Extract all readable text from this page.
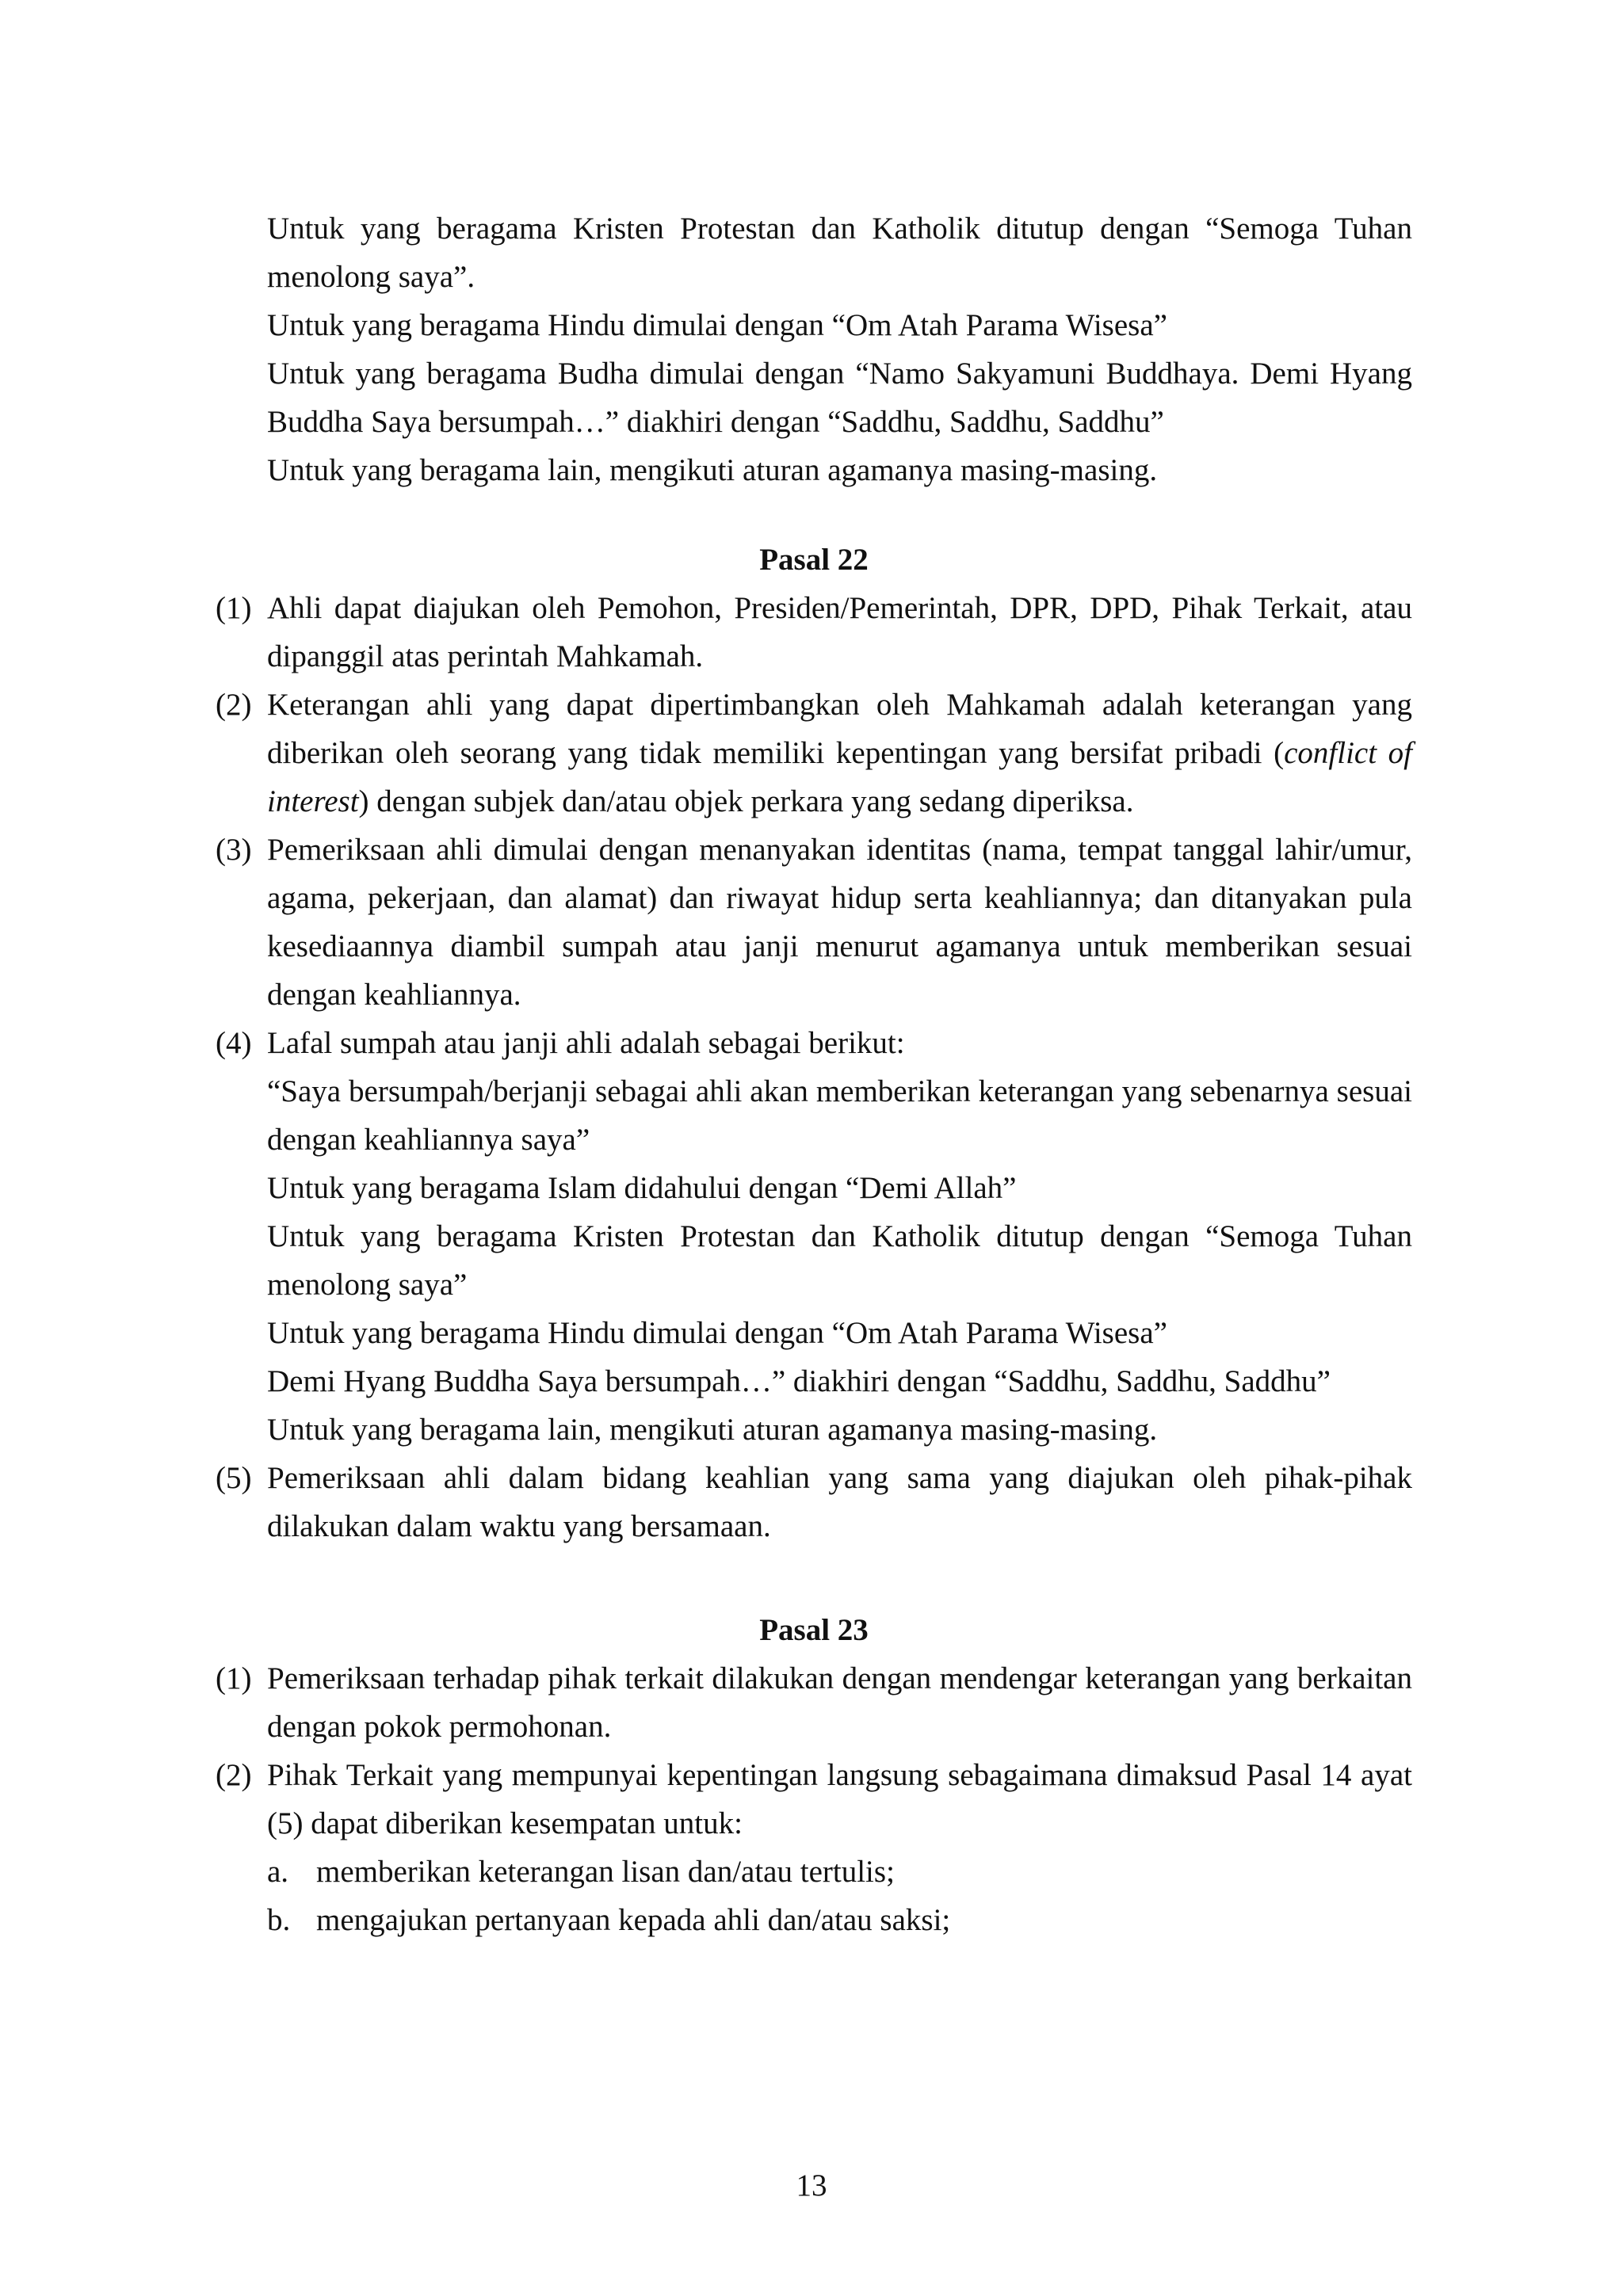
Untuk yang beragama Kristen Protestan dan Katholik ditutup dengan “Semoga Tuhan menolong saya”.

Untuk yang beragama Hindu dimulai dengan “Om Atah Parama Wisesa”

Untuk yang beragama Budha dimulai dengan “Namo Sakyamuni Buddhaya. Demi Hyang Buddha Saya bersumpah…” diakhiri dengan “Saddhu, Saddhu, Saddhu”

Untuk yang beragama lain, mengikuti aturan agamanya masing-masing.

Pasal 22

(1) Ahli dapat diajukan oleh Pemohon, Presiden/Pemerintah, DPR, DPD, Pihak Terkait, atau dipanggil atas perintah Mahkamah.
(2) Keterangan ahli yang dapat dipertimbangkan oleh Mahkamah adalah keterangan yang diberikan oleh seorang yang tidak memiliki kepentingan yang bersifat pribadi (conflict of interest) dengan subjek dan/atau objek perkara yang sedang diperiksa.
(3) Pemeriksaan ahli dimulai dengan menanyakan identitas (nama, tempat tanggal lahir/umur, agama, pekerjaan, dan alamat) dan riwayat hidup serta keahliannya; dan ditanyakan pula kesediaannya diambil sumpah atau janji menurut agamanya untuk memberikan sesuai dengan keahliannya.
(4) Lafal sumpah atau janji ahli adalah sebagai berikut:

“Saya bersumpah/berjanji sebagai ahli akan memberikan keterangan yang sebenarnya sesuai dengan keahliannya saya”

Untuk yang beragama Islam didahului dengan “Demi Allah”

Untuk yang beragama Kristen Protestan dan Katholik ditutup dengan “Semoga Tuhan menolong saya”

Untuk yang beragama Hindu dimulai dengan “Om Atah Parama Wisesa”

Demi Hyang Buddha Saya bersumpah…” diakhiri dengan “Saddhu, Saddhu, Saddhu”

Untuk yang beragama lain, mengikuti aturan agamanya masing-masing.

(5) Pemeriksaan ahli dalam bidang keahlian yang sama yang diajukan oleh pihak-pihak dilakukan dalam waktu yang bersamaan.

Pasal 23

(1) Pemeriksaan terhadap pihak terkait dilakukan dengan mendengar keterangan yang berkaitan dengan pokok permohonan.
(2) Pihak Terkait yang mempunyai kepentingan langsung sebagaimana dimaksud Pasal 14 ayat (5) dapat diberikan kesempatan untuk:
a. memberikan keterangan lisan dan/atau tertulis;
b. mengajukan pertanyaan kepada ahli dan/atau saksi;
13
